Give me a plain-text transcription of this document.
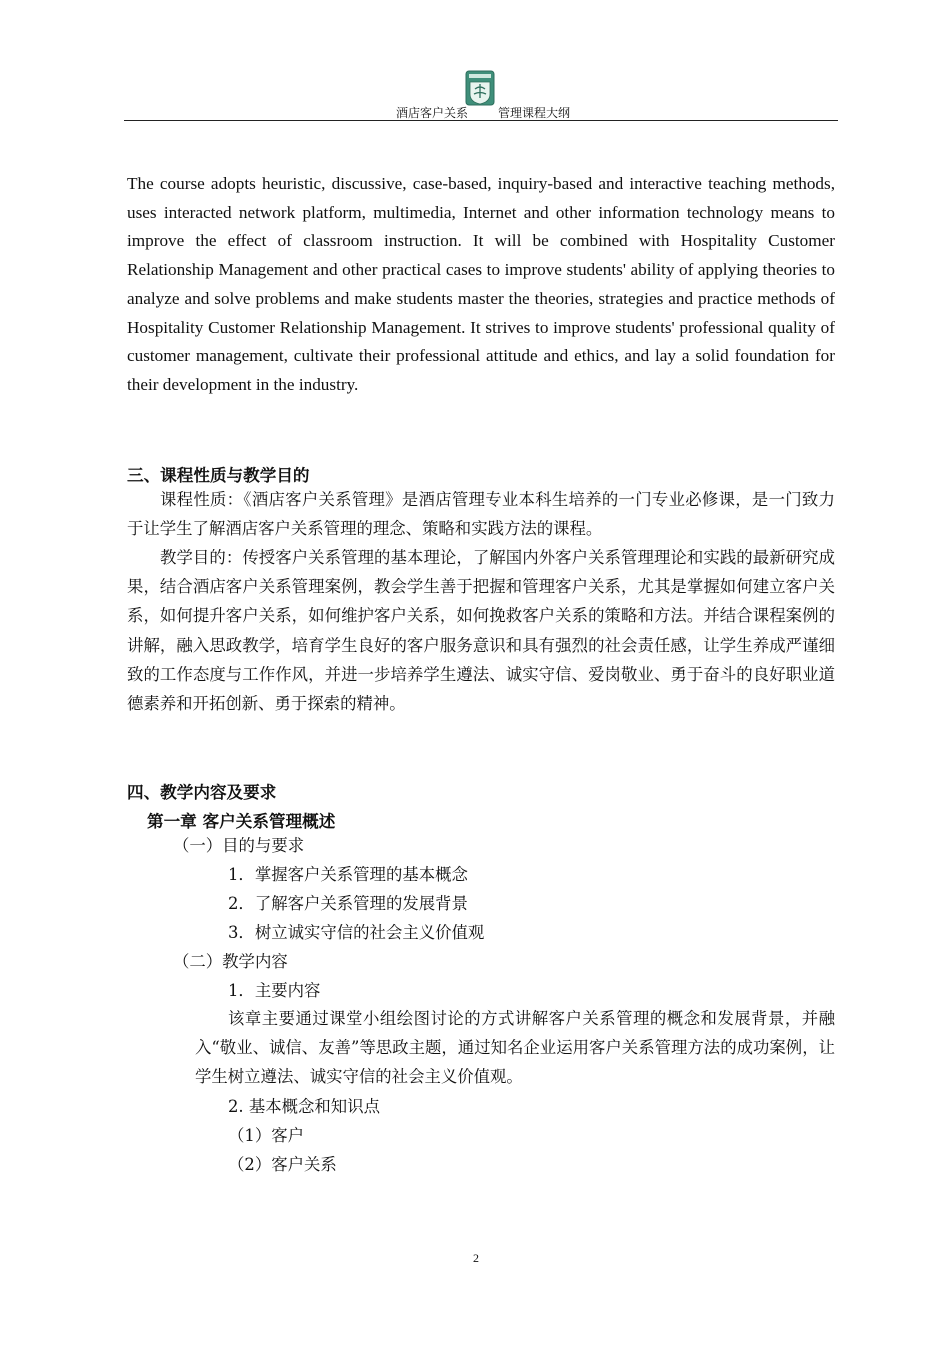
酒店客户关系	管理课程大纲

The course adopts heuristic, discussive, case-based, inquiry-based and interactive teaching methods, uses interacted network platform, multimedia, Internet and other information technology means to improve the effect of classroom instruction. It will be combined with Hospitality Customer Relationship Management and other practical cases to improve students' ability of applying theories to analyze and solve problems and make students master the theories, strategies and practice methods of Hospitality Customer Relationship Management. It strives to improve students' professional quality of customer management, cultivate their professional attitude and ethics, and lay a solid foundation for their development in the industry.

三、课程性质与教学目的

课程性质：《酒店客户关系管理》是酒店管理专业本科生培养的一门专业必修课，是一门致力于让学生了解酒店客户关系管理的理念、策略和实践方法的课程。

教学目的：传授客户关系管理的基本理论，了解国内外客户关系管理理论和实践的最新研究成果，结合酒店客户关系管理案例，教会学生善于把握和管理客户关系，尤其是掌握如何建立客户关系，如何提升客户关系，如何维护客户关系，如何挽救客户关系的策略和方法。并结合课程案例的讲解，融入思政教学，培育学生良好的客户服务意识和具有强烈的社会责任感，让学生养成严谨细致的工作态度与工作作风，并进一步培养学生遵法、诚实守信、爱岗敬业、勇于奋斗的良好职业道德素养和开拓创新、勇于探索的精神。

四、教学内容及要求
第一章 客户关系管理概述
（一）目的与要求
1．掌握客户关系管理的基本概念
2．了解客户关系管理的发展背景
3．树立诚实守信的社会主义价值观
（二）教学内容
1．主要内容

该章主要通过课堂小组绘图讨论的方式讲解客户关系管理的概念和发展背景，并融入“敬业、诚信、友善”等思政主题，通过知名企业运用客户关系管理方法的成功案例，让学生树立遵法、诚实守信的社会主义价值观。

2. 基本概念和知识点
（1）客户
（2）客户关系
2
